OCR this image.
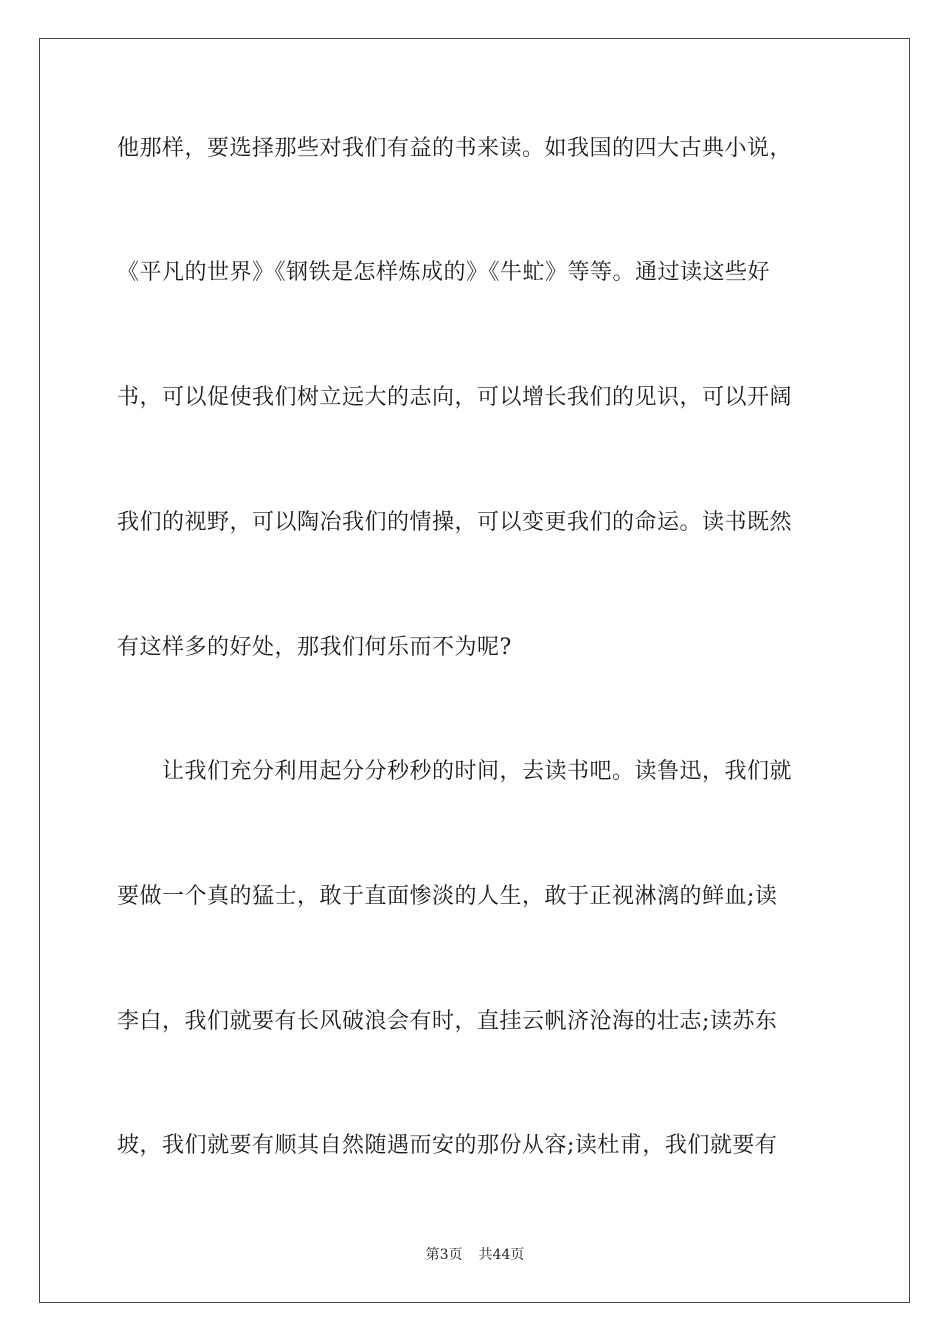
他那样，要选择那些对我们有益的书来读。如我国的四大古典小说，
《平凡的世界》《钢铁是怎样炼成的》《牛虻》等等。通过读这些好
书，可以促使我们树立远大的志向，可以增长我们的见识，可以开阔
我们的视野，可以陶冶我们的情操，可以变更我们的命运。读书既然
有这样多的好处，那我们何乐而不为呢?
让我们充分利用起分分秒秒的时间，去读书吧。读鲁迅，我们就
要做一个真的猛士，敢于直面惨淡的人生，敢于正视淋漓的鲜血;读
李白，我们就要有长风破浪会有时，直挂云帆济沧海的壮志;读苏东
坡，我们就要有顺其自然随遇而安的那份从容;读杜甫，我们就要有
第3页 共44页
